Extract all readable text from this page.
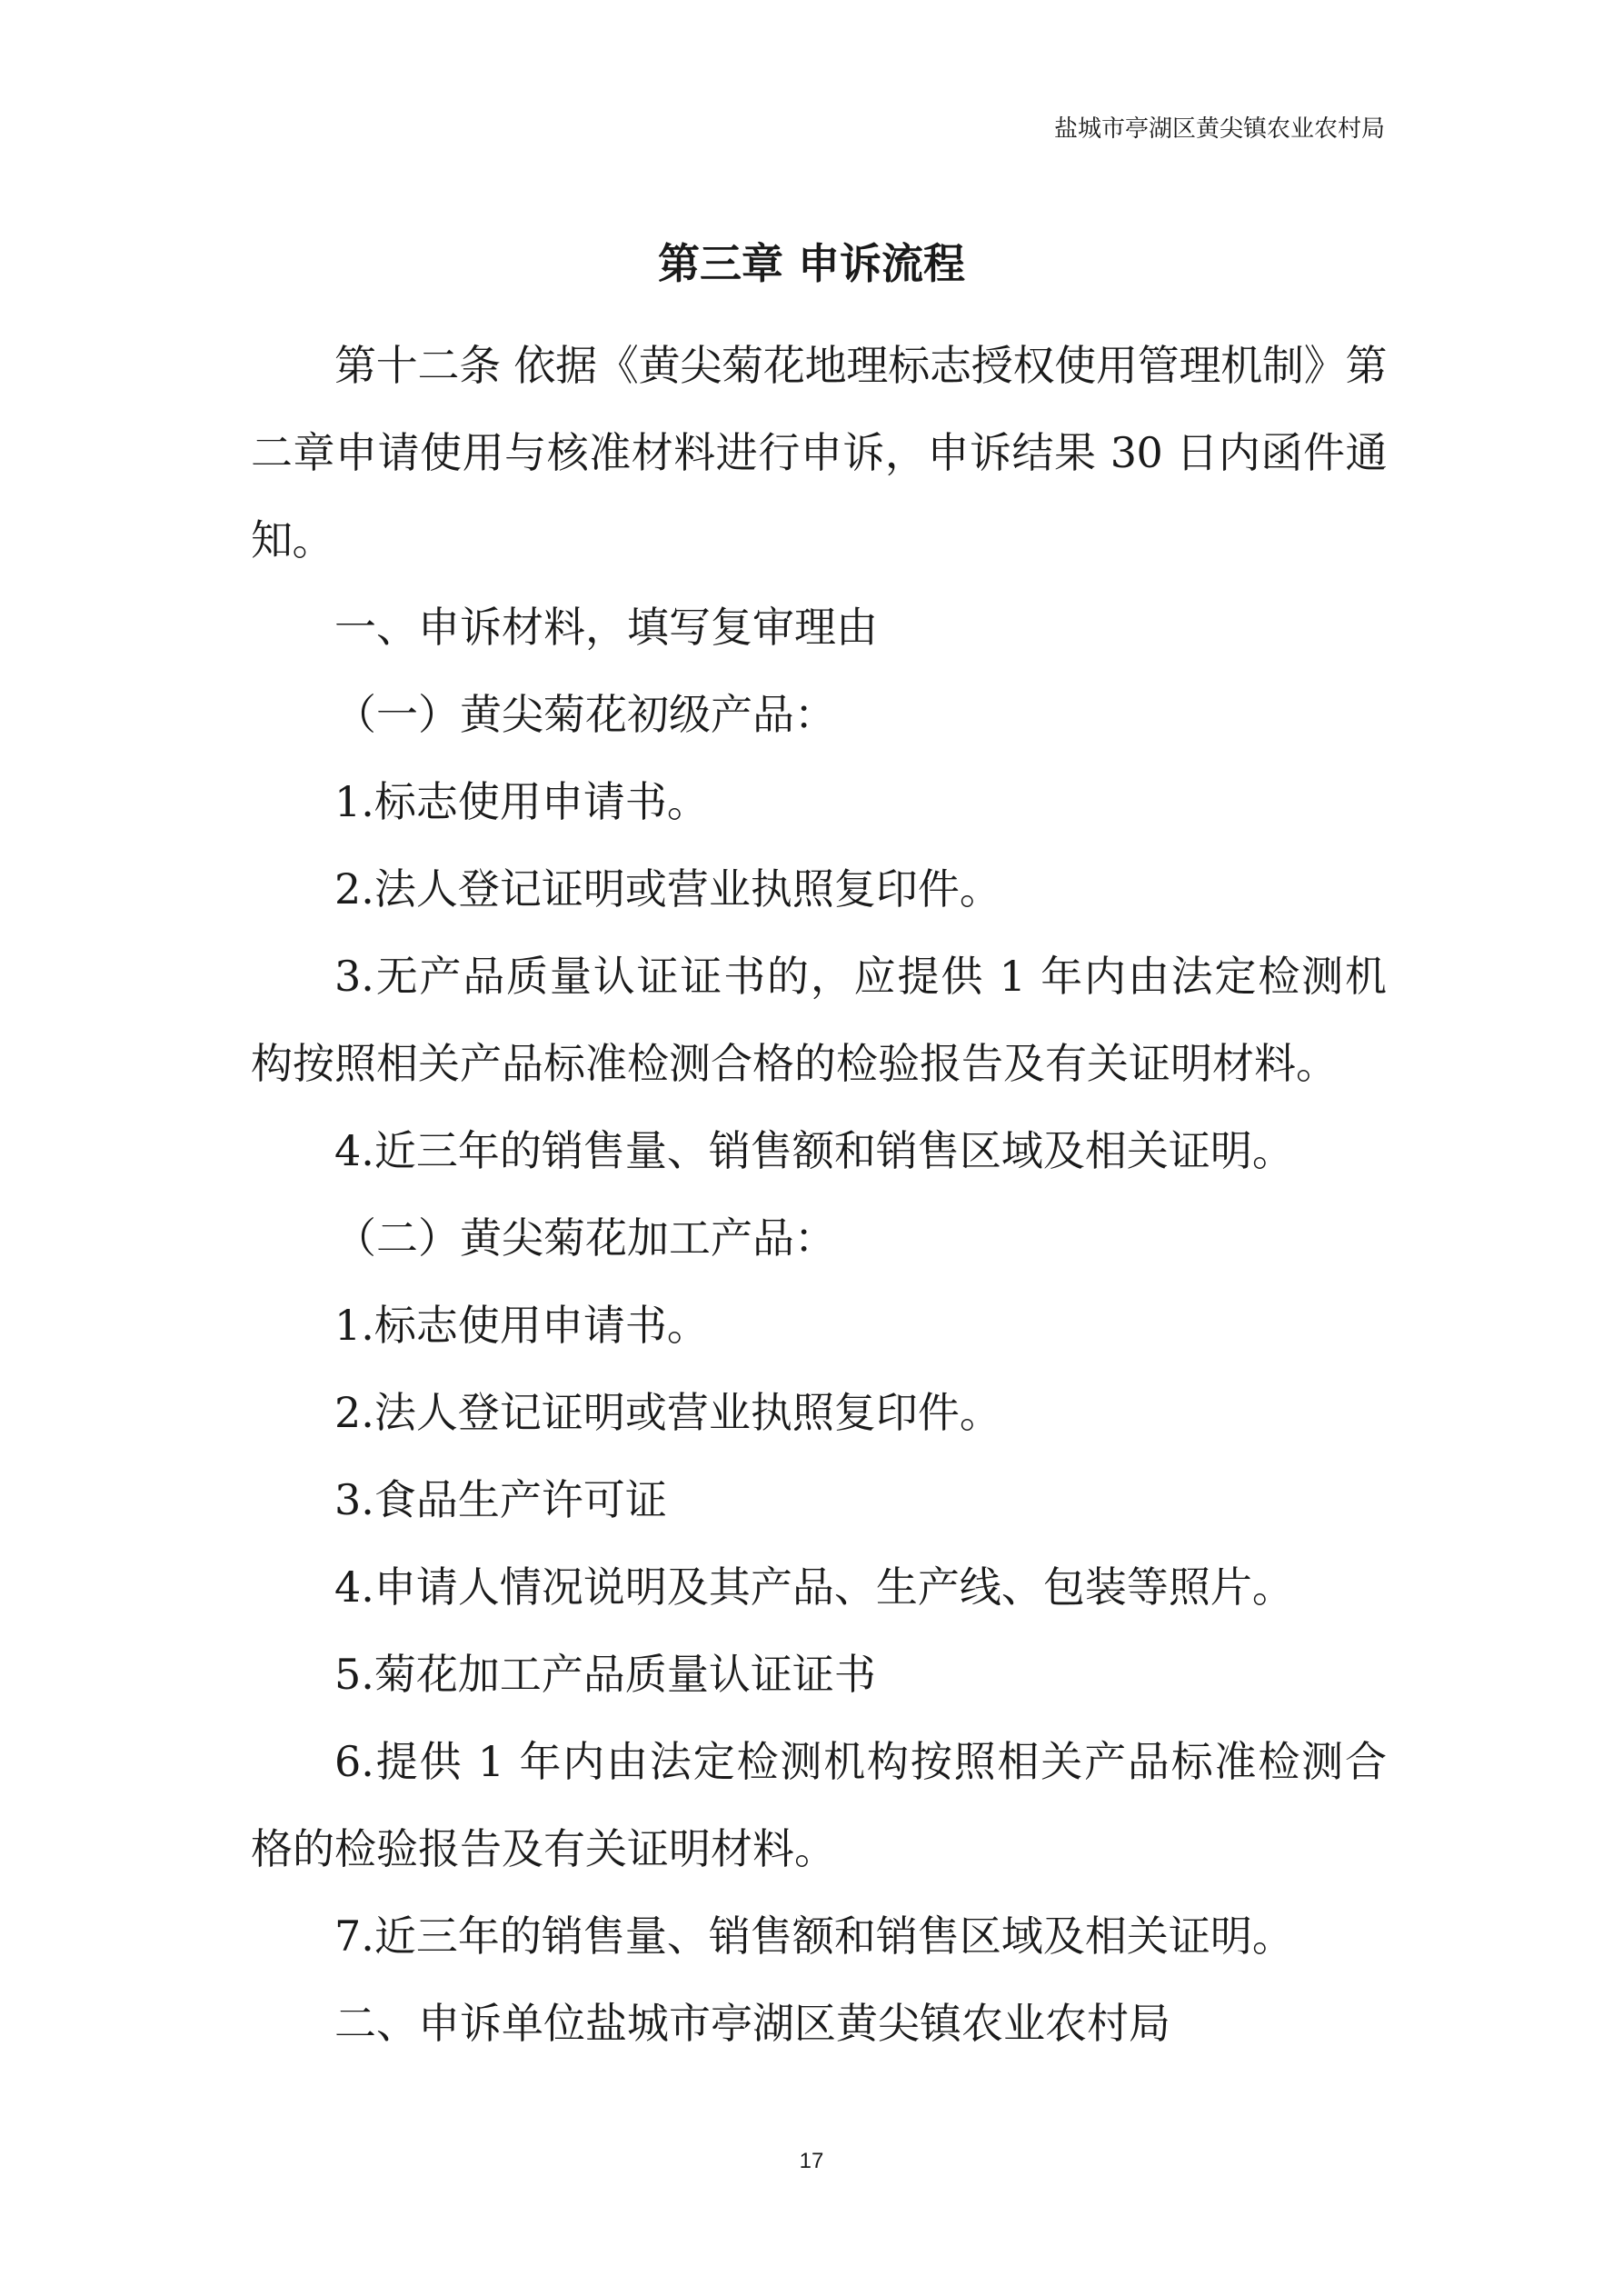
盐城市亭湖区黄尖镇农业农村局
第三章 申诉流程

第十二条 依据《黄尖菊花地理标志授权使用管理机制》第二章申请使用与核准材料进行申诉，申诉结果 30 日内函件通知。

一、申诉材料，填写复审理由

（一）黄尖菊花初级产品：

1.标志使用申请书。

2.法人登记证明或营业执照复印件。

3.无产品质量认证证书的，应提供 1 年内由法定检测机构按照相关产品标准检测合格的检验报告及有关证明材料。

4.近三年的销售量、销售额和销售区域及相关证明。

（二）黄尖菊花加工产品：

1.标志使用申请书。

2.法人登记证明或营业执照复印件。

3.食品生产许可证

4.申请人情况说明及其产品、生产线、包装等照片。

5.菊花加工产品质量认证证书

6.提供 1 年内由法定检测机构按照相关产品标准检测合格的检验报告及有关证明材料。

7.近三年的销售量、销售额和销售区域及相关证明。

二、申诉单位盐城市亭湖区黄尖镇农业农村局

17
